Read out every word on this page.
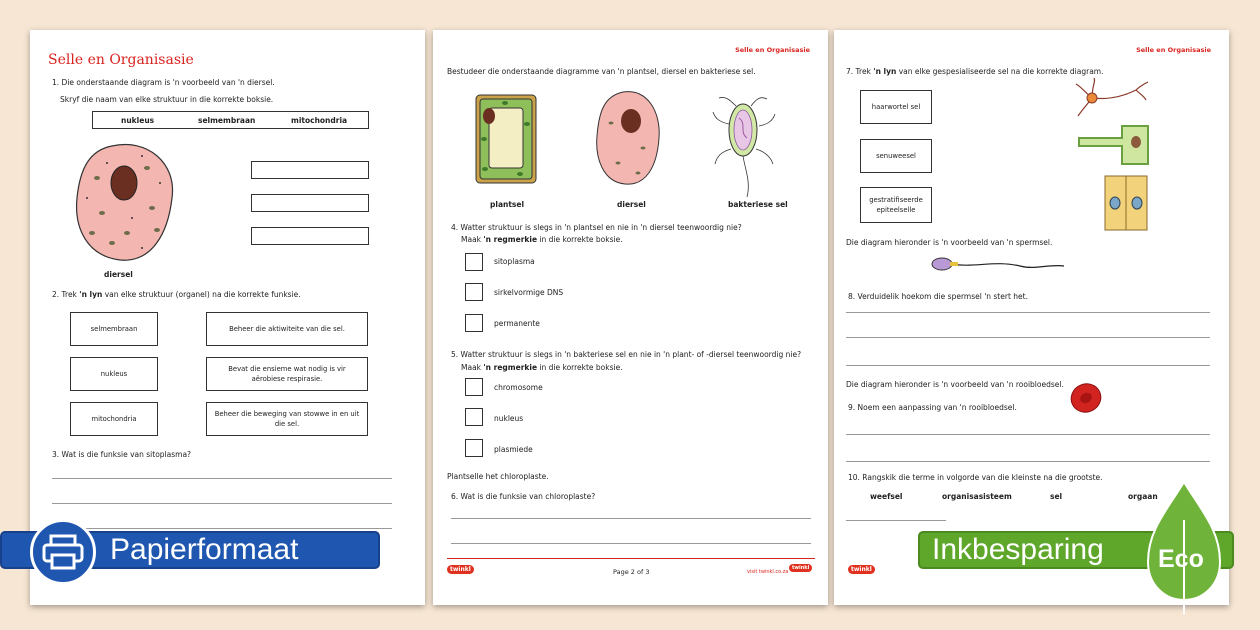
Selle en Organisasie
1. Die onderstaande diagram is 'n voorbeeld van 'n diersel.
Skryf die naam van elke struktuur in die korrekte boksie.
nukleus	selmembraan	mitochondria
diersel
2. Trek 'n lyn van elke struktuur (organel) na die korrekte funksie.
selmembraan
nukleus
mitochondria
Beheer die aktiwiteite van die sel.
Bevat die ensieme wat nodig is vir aërobiese respirasie.
Beheer die beweging van stowwe in en uit die sel.
3. Wat is die funksie van sitoplasma?
Selle en Organisasie
Bestudeer die onderstaande diagramme van 'n plantsel, diersel en bakteriese sel.
plantsel	diersel	bakteriese sel
4. Watter struktuur is slegs in 'n plantsel en nie in 'n diersel teenwoordig nie?
Maak 'n regmerkie in die korrekte boksie.
sitoplasma
sirkelvormige DNS
permanente
5. Watter struktuur is slegs in 'n bakteriese sel en nie in 'n plant- of -diersel teenwoordig nie?
Maak 'n regmerkie in die korrekte boksie.
chromosome
nukleus
plasmiede
Plantselle het chloroplaste.
6. Wat is die funksie van chloroplaste?
twinkl	Page 2 of 3	visit twinkl.co.za
twinkl
Selle en Organisasie
7. Trek 'n lyn van elke gespesialiseerde sel na die korrekte diagram.
haarwortel sel
senuweesel
gestratifiseerde epiteelselle
Die diagram hieronder is 'n voorbeeld van 'n spermsel.
8. Verduidelik hoekom die spermsel 'n stert het.
Die diagram hieronder is 'n voorbeeld van 'n rooibloedsel.
9. Noem een aanpassing van 'n rooibloedsel.
10. Rangskik die terme in volgorde van die kleinste na die grootste.
weefsel	organisasisteem	sel	orgaan
twinkl
Papierformaat	Inkbesparing Eco
